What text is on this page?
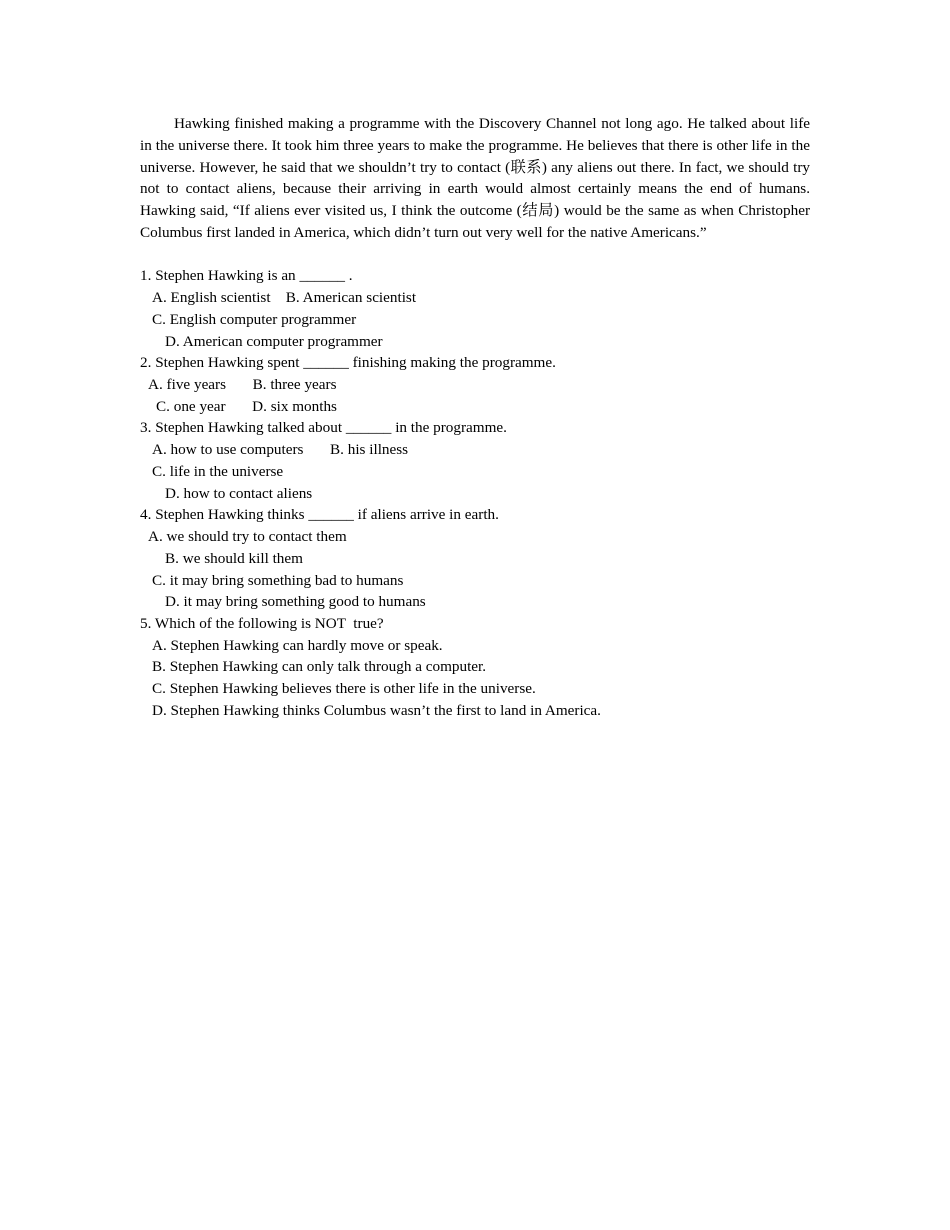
Hawking finished making a programme with the Discovery Channel not long ago. He talked about life in the universe there. It took him three years to make the programme. He believes that there is other life in the universe. However, he said that we shouldn’t try to contact (联系) any aliens out there. In fact, we should try not to contact aliens, because their arriving in earth would almost certainly means the end of humans. Hawking said, “If aliens ever visited us, I think the outcome (结局) would be the same as when Christopher Columbus first landed in America, which didn’t turn out very well for the native Americans.”
1. Stephen Hawking is an ______ .
A. English scientist    B. American scientist
C. English computer programmer
D. American computer programmer
2. Stephen Hawking spent ______ finishing making the programme.
A. five years       B. three years
C. one year       D. six months
3. Stephen Hawking talked about ______ in the programme.
A. how to use computers       B. his illness
C. life in the universe
D. how to contact aliens
4. Stephen Hawking thinks ______ if aliens arrive in earth.
A. we should try to contact them
B. we should kill them
C. it may bring something bad to humans
D. it may bring something good to humans
5. Which of the following is NOT  true?
A. Stephen Hawking can hardly move or speak.
B. Stephen Hawking can only talk through a computer.
C. Stephen Hawking believes there is other life in the universe.
D. Stephen Hawking thinks Columbus wasn’t the first to land in America.
